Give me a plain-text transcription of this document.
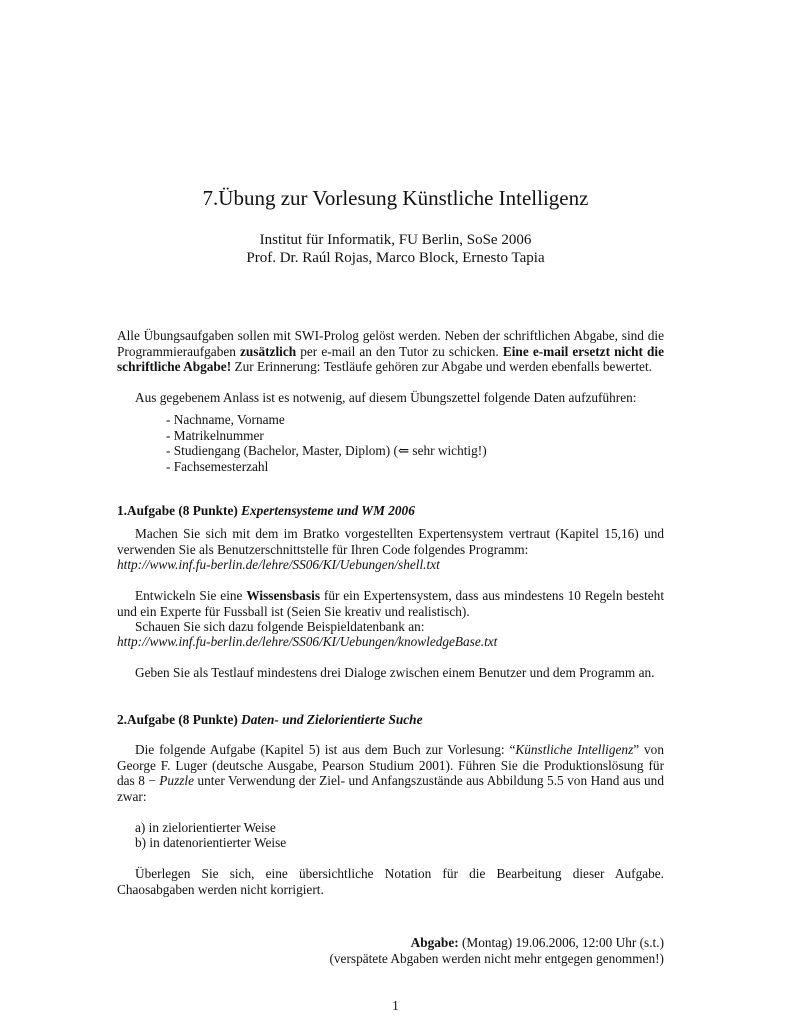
7.Übung zur Vorlesung Künstliche Intelligenz
Institut für Informatik, FU Berlin, SoSe 2006
Prof. Dr. Raúl Rojas, Marco Block, Ernesto Tapia

Alle Übungsaufgaben sollen mit SWI-Prolog gelöst werden. Neben der schriftlichen Abgabe, sind die Programmieraufgaben zusätzlich per e-mail an den Tutor zu schicken. Eine e-mail ersetzt nicht die schriftliche Abgabe! Zur Erinnerung: Testläufe gehören zur Abgabe und werden ebenfalls bewertet.

Aus gegebenem Anlass ist es notwenig, auf diesem Übungszettel folgende Daten aufzuführen:

- Nachname, Vorname
- Matrikelnummer
- Studiengang (Bachelor, Master, Diplom) (⇐ sehr wichtig!)
- Fachsemesterzahl

1.Aufgabe (8 Punkte) Expertensysteme und WM 2006

Machen Sie sich mit dem im Bratko vorgestellten Expertensystem vertraut (Kapitel 15,16) und verwenden Sie als Benutzerschnittstelle für Ihren Code folgendes Programm:

http://www.inf.fu-berlin.de/lehre/SS06/KI/Uebungen/shell.txt

Entwickeln Sie eine Wissensbasis für ein Expertensystem, dass aus mindestens 10 Regeln besteht und ein Experte für Fussball ist (Seien Sie kreativ und realistisch).

Schauen Sie sich dazu folgende Beispieldatenbank an:

http://www.inf.fu-berlin.de/lehre/SS06/KI/Uebungen/knowledgeBase.txt

Geben Sie als Testlauf mindestens drei Dialoge zwischen einem Benutzer und dem Programm an.

2.Aufgabe (8 Punkte) Daten- und Zielorientierte Suche

Die folgende Aufgabe (Kapitel 5) ist aus dem Buch zur Vorlesung: “Künstliche Intelligenz” von George F. Luger (deutsche Ausgabe, Pearson Studium 2001). Führen Sie die Produktionslösung für das 8 − Puzzle unter Verwendung der Ziel- und Anfangszustände aus Abbildung 5.5 von Hand aus und zwar:

a) in zielorientierter Weise

b) in datenorientierter Weise

Überlegen Sie sich, eine übersichtliche Notation für die Bearbeitung dieser Aufgabe. Chaosabgaben werden nicht korrigiert.

Abgabe: (Montag) 19.06.2006, 12:00 Uhr (s.t.)
(verspätete Abgaben werden nicht mehr entgegen genommen!)
1
